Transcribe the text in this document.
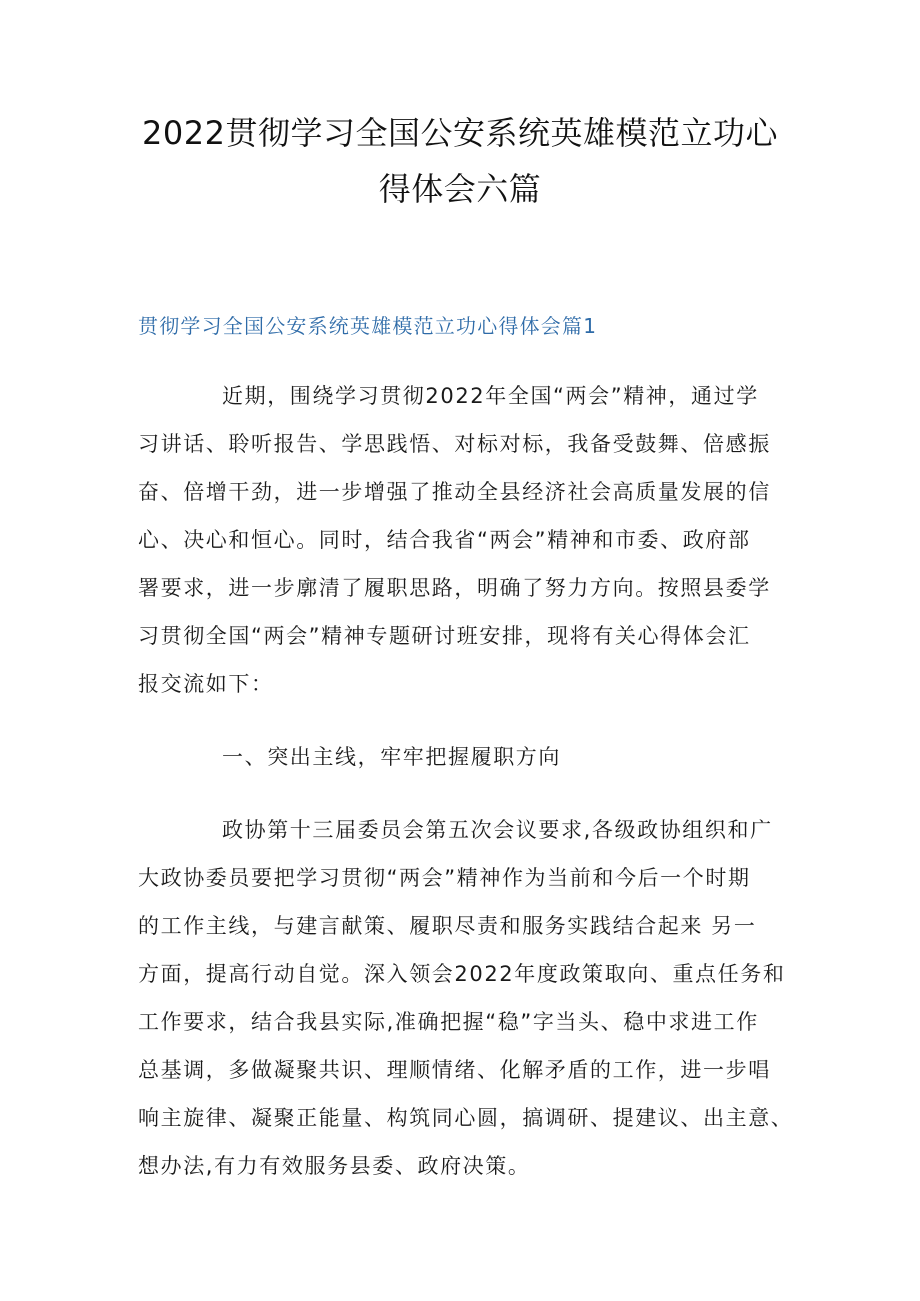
2022贯彻学习全国公安系统英雄模范立功心
得体会六篇
贯彻学习全国公安系统英雄模范立功心得体会篇1
近期，围绕学习贯彻2022年全国“两会”精神，通过学
习讲话、聆听报告、学思践悟、对标对标，我备受鼓舞、倍感振
奋、倍增干劲，进一步增强了推动全县经济社会高质量发展的信
心、决心和恒心。同时，结合我省“两会”精神和市委、政府部
署要求，进一步廓清了履职思路，明确了努力方向。按照县委学
习贯彻全国“两会”精神专题研讨班安排，现将有关心得体会汇
报交流如下：
一、突出主线，牢牢把握履职方向
政协第十三届委员会第五次会议要求,各级政协组织和广
大政协委员要把学习贯彻“两会”精神作为当前和今后一个时期
的工作主线，与建言献策、履职尽责和服务实践结合起来 另一
方面，提高行动自觉。深入领会2022年度政策取向、重点任务和
工作要求，结合我县实际,准确把握“稳”字当头、稳中求进工作
总基调，多做凝聚共识、理顺情绪、化解矛盾的工作，进一步唱
响主旋律、凝聚正能量、构筑同心圆，搞调研、提建议、出主意、
想办法,有力有效服务县委、政府决策。
